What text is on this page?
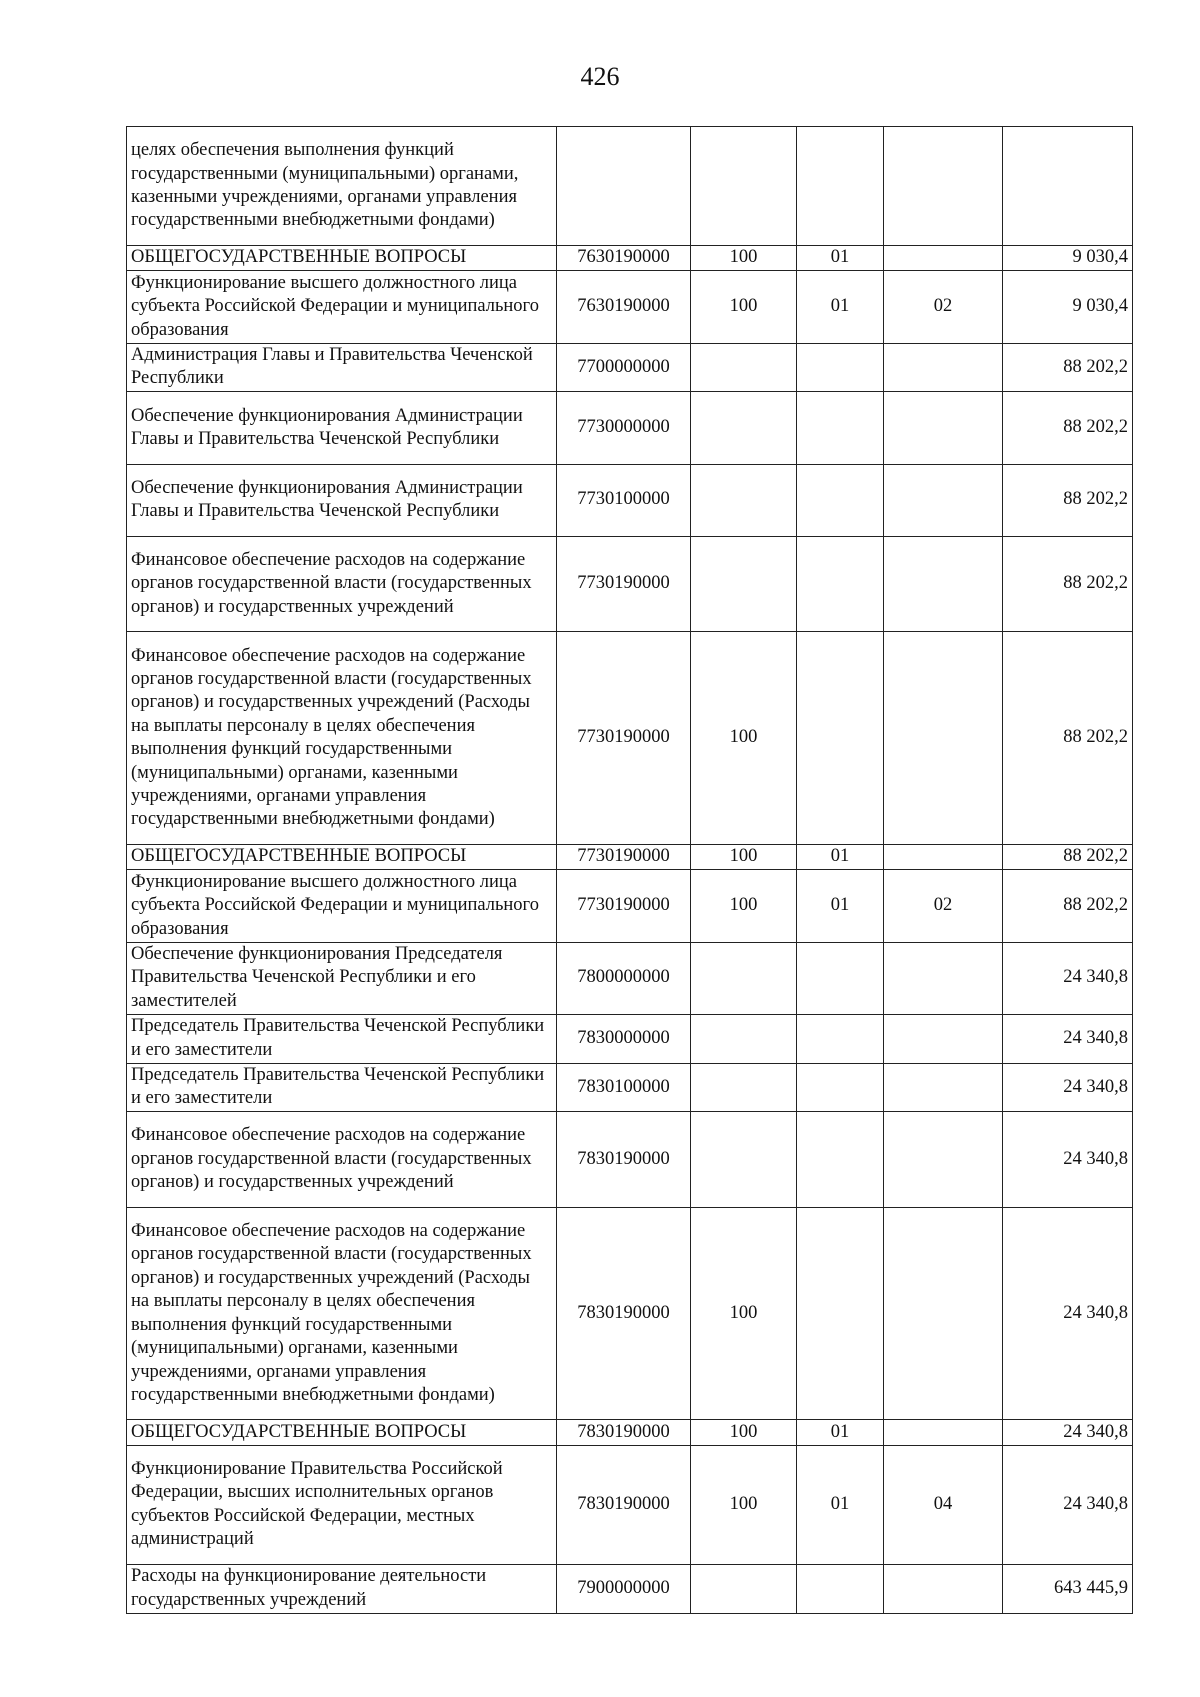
426
целях обеспечения выполнения функций государственными (муниципальными) органами, казенными учреждениями, органами управления государственными внебюджетными фондами)					
ОБЩЕГОСУДАРСТВЕННЫЕ ВОПРОСЫ	7630190000	100	01		9 030,4
Функционирование высшего должностного лица субъекта Российской Федерации и муниципального образования	7630190000	100	01	02	9 030,4
Администрация Главы и Правительства Чеченской Республики	7700000000				88 202,2
Обеспечение функционирования Администрации Главы и Правительства Чеченской Республики	7730000000				88 202,2
Обеспечение функционирования Администрации Главы и Правительства Чеченской Республики	7730100000				88 202,2
Финансовое обеспечение расходов на содержание органов государственной власти (государственных органов) и государственных учреждений	7730190000				88 202,2
Финансовое обеспечение расходов на содержание органов государственной власти (государственных органов) и государственных учреждений (Расходы на выплаты персоналу в целях обеспечения выполнения функций государственными (муниципальными) органами, казенными учреждениями, органами управления государственными внебюджетными фондами)	7730190000	100			88 202,2
ОБЩЕГОСУДАРСТВЕННЫЕ ВОПРОСЫ	7730190000	100	01		88 202,2
Функционирование высшего должностного лица субъекта Российской Федерации и муниципального образования	7730190000	100	01	02	88 202,2
Обеспечение функционирования Председателя Правительства Чеченской Республики и его заместителей	7800000000				24 340,8
Председатель Правительства Чеченской Республики и его заместители	7830000000				24 340,8
Председатель Правительства Чеченской Республики и его заместители	7830100000				24 340,8
Финансовое обеспечение расходов на содержание органов государственной власти (государственных органов) и государственных учреждений	7830190000				24 340,8
Финансовое обеспечение расходов на содержание органов государственной власти (государственных органов) и государственных учреждений (Расходы на выплаты персоналу в целях обеспечения выполнения функций государственными (муниципальными) органами, казенными учреждениями, органами управления государственными внебюджетными фондами)	7830190000	100			24 340,8
ОБЩЕГОСУДАРСТВЕННЫЕ ВОПРОСЫ	7830190000	100	01		24 340,8
Функционирование Правительства Российской Федерации, высших исполнительных органов субъектов Российской Федерации, местных администраций	7830190000	100	01	04	24 340,8
Расходы на функционирование деятельности государственных учреждений	7900000000				643 445,9
